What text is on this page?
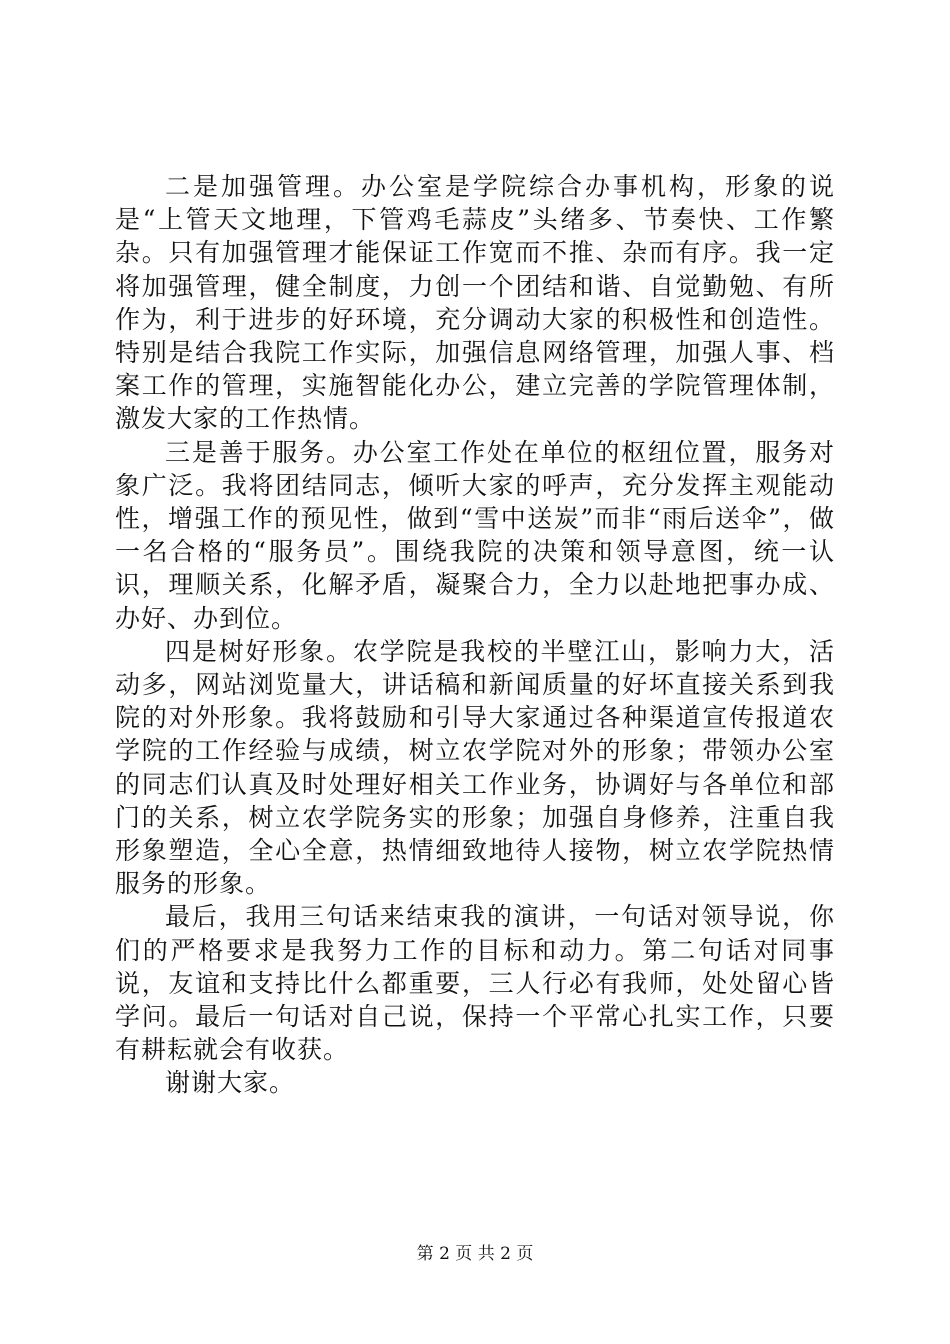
二是加强管理。办公室是学院综合办事机构，形象的说是“上管天文地理，下管鸡毛蒜皮”头绪多、节奏快、工作繁杂。只有加强管理才能保证工作宽而不推、杂而有序。我一定将加强管理，健全制度，力创一个团结和谐、自觉勤勉、有所作为，利于进步的好环境，充分调动大家的积极性和创造性。特别是结合我院工作实际，加强信息网络管理，加强人事、档案工作的管理，实施智能化办公，建立完善的学院管理体制，激发大家的工作热情。

三是善于服务。办公室工作处在单位的枢纽位置，服务对象广泛。我将团结同志，倾听大家的呼声，充分发挥主观能动性，增强工作的预见性，做到“雪中送炭”而非“雨后送伞”，做一名合格的“服务员”。围绕我院的决策和领导意图，统一认识，理顺关系，化解矛盾，凝聚合力，全力以赴地把事办成、办好、办到位。

四是树好形象。农学院是我校的半壁江山，影响力大，活动多，网站浏览量大，讲话稿和新闻质量的好坏直接关系到我院的对外形象。我将鼓励和引导大家通过各种渠道宣传报道农学院的工作经验与成绩，树立农学院对外的形象；带领办公室的同志们认真及时处理好相关工作业务，协调好与各单位和部门的关系，树立农学院务实的形象；加强自身修养，注重自我形象塑造，全心全意，热情细致地待人接物，树立农学院热情服务的形象。

最后，我用三句话来结束我的演讲，一句话对领导说，你们的严格要求是我努力工作的目标和动力。第二句话对同事说，友谊和支持比什么都重要，三人行必有我师，处处留心皆学问。最后一句话对自己说，保持一个平常心扎实工作，只要有耕耘就会有收获。

谢谢大家。

第 2 页 共 2 页
